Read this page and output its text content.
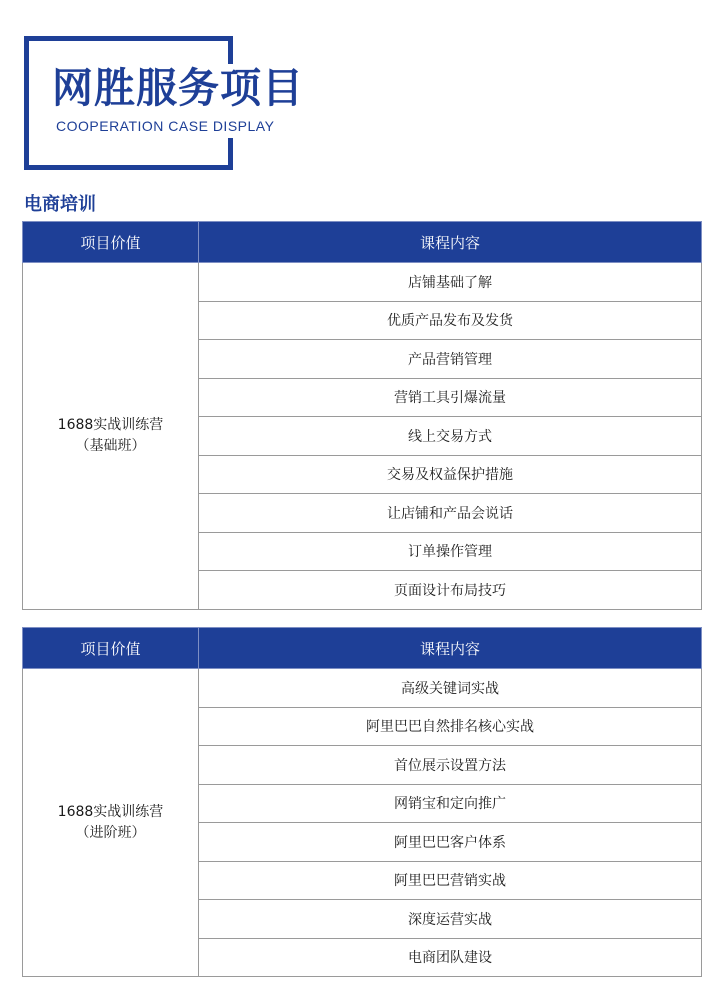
网胜服务项目
COOPERATION CASE DISPLAY
电商培训
项目价值	课程内容

1688实战训练营
（基础班）	店铺基础了解
	优质产品发布及发货
	产品营销管理
	营销工具引爆流量
	线上交易方式
	交易及权益保护措施
	让店铺和产品会说话
	订单操作管理
	页面设计布局技巧
项目价值	课程内容

1688实战训练营
（进阶班）	高级关键词实战
	阿里巴巴自然排名核心实战
	首位展示设置方法
	网销宝和定向推广
	阿里巴巴客户体系
	阿里巴巴营销实战
	深度运营实战
	电商团队建设
